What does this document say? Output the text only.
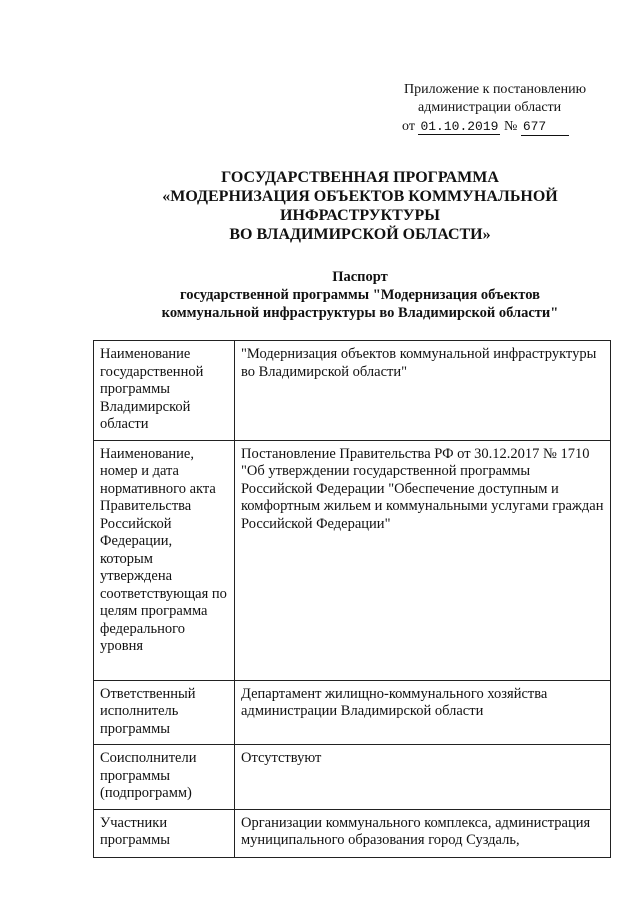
Приложение к постановлению
администрации области
от 01.10.2019 № 677
ГОСУДАРСТВЕННАЯ ПРОГРАММА
«МОДЕРНИЗАЦИЯ ОБЪЕКТОВ КОММУНАЛЬНОЙ
ИНФРАСТРУКТУРЫ
ВО ВЛАДИМИРСКОЙ ОБЛАСТИ»
Паспорт
государственной программы "Модернизация объектов
коммунальной инфраструктуры во Владимирской области"
Наименование государственной программы Владимирской области	"Модернизация объектов коммунальной инфраструктуры во Владимирской области"

Наименование, номер и дата нормативного акта Правительства Российской Федерации, которым утверждена соответствующая по целям программа федерального уровня	Постановление Правительства РФ от 30.12.2017 № 1710 "Об утверждении государственной программы Российской Федерации "Обеспечение доступным и комфортным жильем и коммунальными услугами граждан Российской Федерации"

Ответственный исполнитель программы	Департамент жилищно-коммунального хозяйства администрации Владимирской области

Соисполнители программы (подпрограмм)	Отсутствуют

Участники программы	Организации коммунального комплекса, администрация муниципального образования город Суздаль,
